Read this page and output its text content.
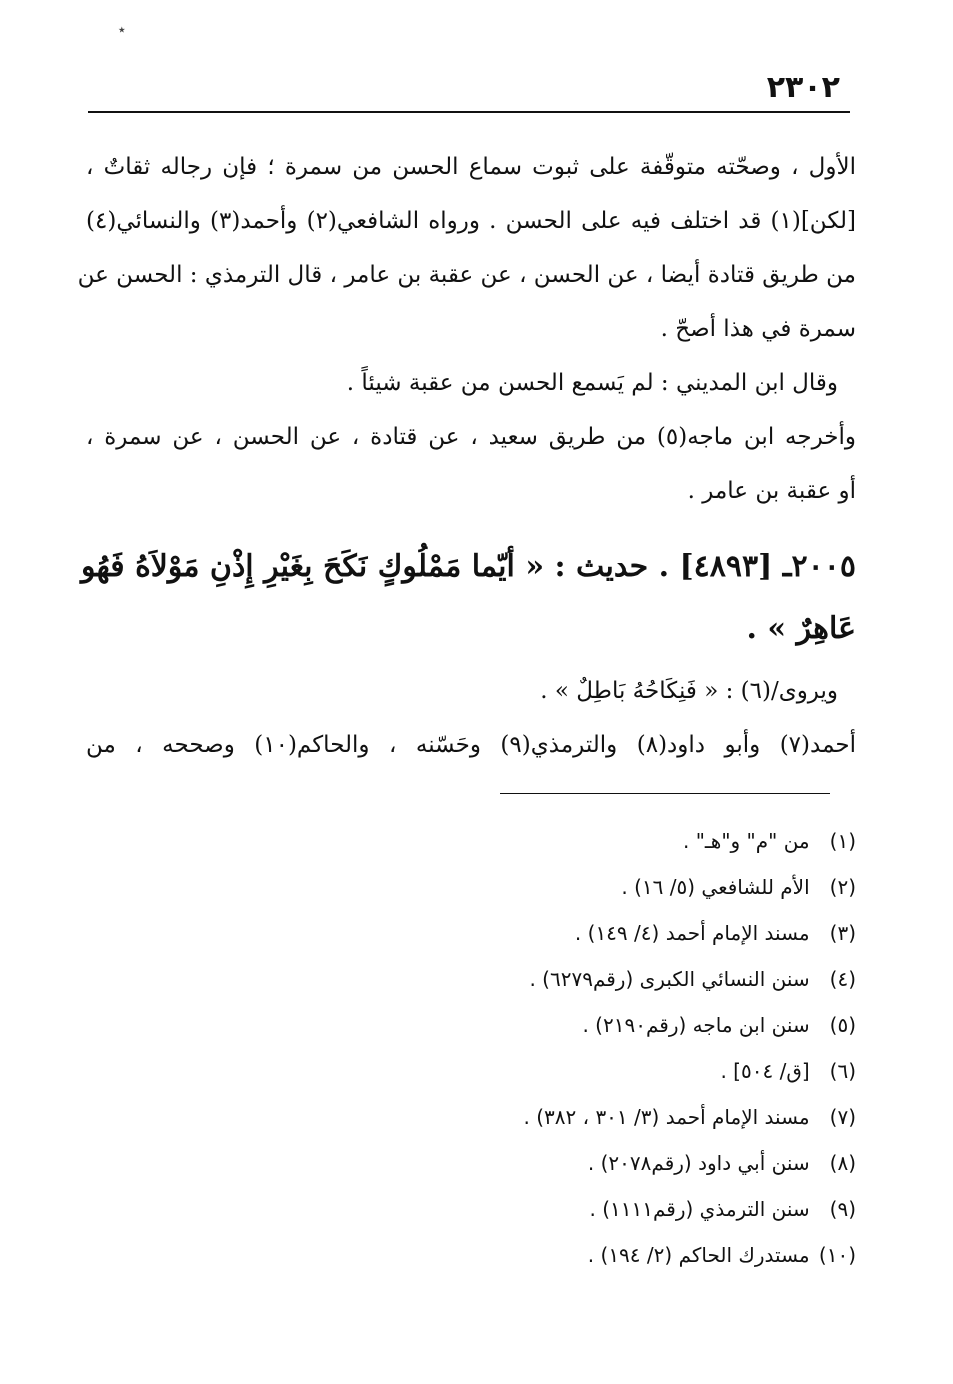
٭
٢٣٠٢
الأول ، وصحّته متوقّفة على ثبوت سماع الحسن من سمرة ؛ فإن رجاله ثقاتٌ ،
[لكن](١) قد اختلف فيه على الحسن . ورواه الشافعي(٢) وأحمد(٣) والنسائي(٤)
من طريق قتادة أيضا ، عن الحسن ، عن عقبة بن عامر ، قال الترمذي : الحسن عن
سمرة في هذا أصحّ .
وقال ابن المديني : لم يَسمع الحسن من عقبة شيئاً .
وأخرجه ابن ماجه(٥) من طريق سعيد ، عن قتادة ، عن الحسن ، عن سمرة ،
أو عقبة بن عامر .
٢٠٠٥ـ [٤٨٩٣] . حديث : « أيّما مَمْلُوكٍ نَكَحَ بِغَيْرِ إِذْنِ مَوْلاَهُ فَهُو
عَاهِرٌ » .
ويروى/(٦) : « فَنِكَاحُهُ بَاطِلٌ » .
أحمد(٧) وأبو داود(٨) والترمذي(٩) وحَسّنه ، والحاكم(١٠) وصححه ، من
(١) من "م" و"هـ" .
(٢) الأم للشافعي (٥/ ١٦) .
(٣) مسند الإمام أحمد (٤/ ١٤٩) .
(٤) سنن النسائي الكبرى (رقم٦٢٧٩) .
(٥) سنن ابن ماجه (رقم٢١٩٠) .
(٦) [ق/ ٥٠٤] .
(٧) مسند الإمام أحمد (٣/ ٣٠١ ، ٣٨٢) .
(٨) سنن أبي داود (رقم٢٠٧٨) .
(٩) سنن الترمذي (رقم١١١١) .
(١٠) مستدرك الحاكم (٢/ ١٩٤) .
